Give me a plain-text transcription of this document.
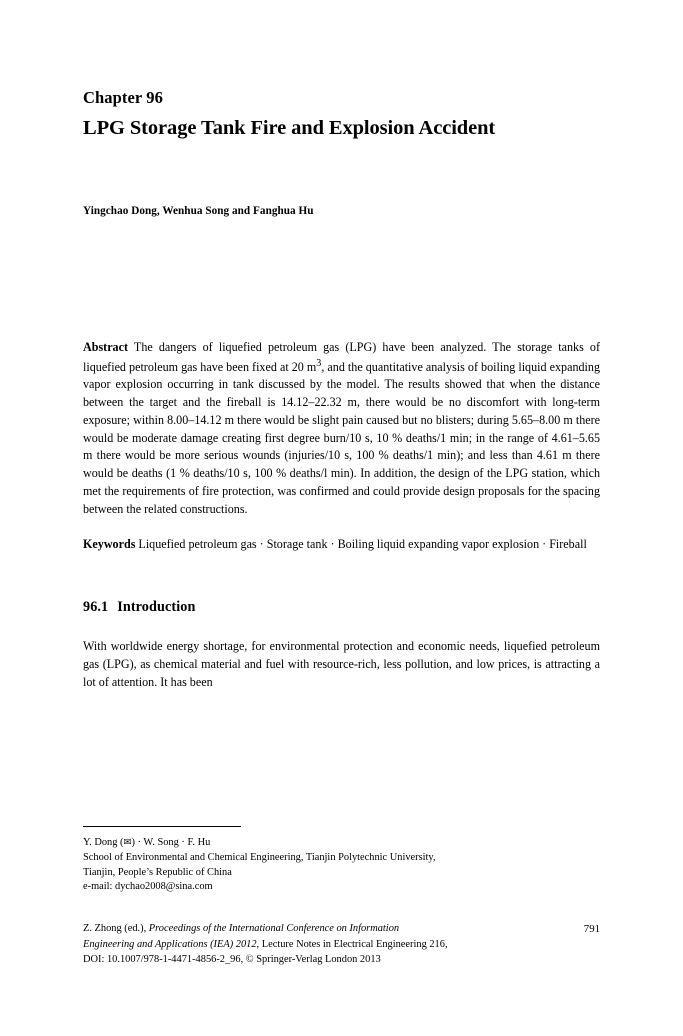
Chapter 96
LPG Storage Tank Fire and Explosion Accident
Yingchao Dong, Wenhua Song and Fanghua Hu
Abstract The dangers of liquefied petroleum gas (LPG) have been analyzed. The storage tanks of liquefied petroleum gas have been fixed at 20 $m^3$, and the quantitative analysis of boiling liquid expanding vapor explosion occurring in tank discussed by the model. The results showed that when the distance between the target and the fireball is 14.12–22.32 m, there would be no discomfort with long-term exposure; within 8.00–14.12 m there would be slight pain caused but no blisters; during 5.65–8.00 m there would be moderate damage creating first degree burn/10 s, 10 % deaths/1 min; in the range of 4.61–5.65 m there would be more serious wounds (injuries/10 s, 100 % deaths/1 min); and less than 4.61 m there would be deaths (1 % deaths/10 s, 100 % deaths/l min). In addition, the design of the LPG station, which met the requirements of fire protection, was confirmed and could provide design proposals for the spacing between the related constructions.
Keywords Liquefied petroleum gas · Storage tank · Boiling liquid expanding vapor explosion · Fireball
96.1 Introduction

With worldwide energy shortage, for environmental protection and economic needs, liquefied petroleum gas (LPG), as chemical material and fuel with resource-rich, less pollution, and low prices, is attracting a lot of attention. It has been

Y. Dong (✉) · W. Song · F. Hu

School of Environmental and Chemical Engineering, Tianjin Polytechnic University,

Tianjin, People’s Republic of China

e-mail: dychao2008@sina.com

Z. Zhong (ed.), Proceedings of the International Conference on Information	791
Engineering and Applications (IEA) 2012, Lecture Notes in Electrical Engineering 216,
DOI: 10.1007/978-1-4471-4856-2_96, © Springer-Verlag London 2013
